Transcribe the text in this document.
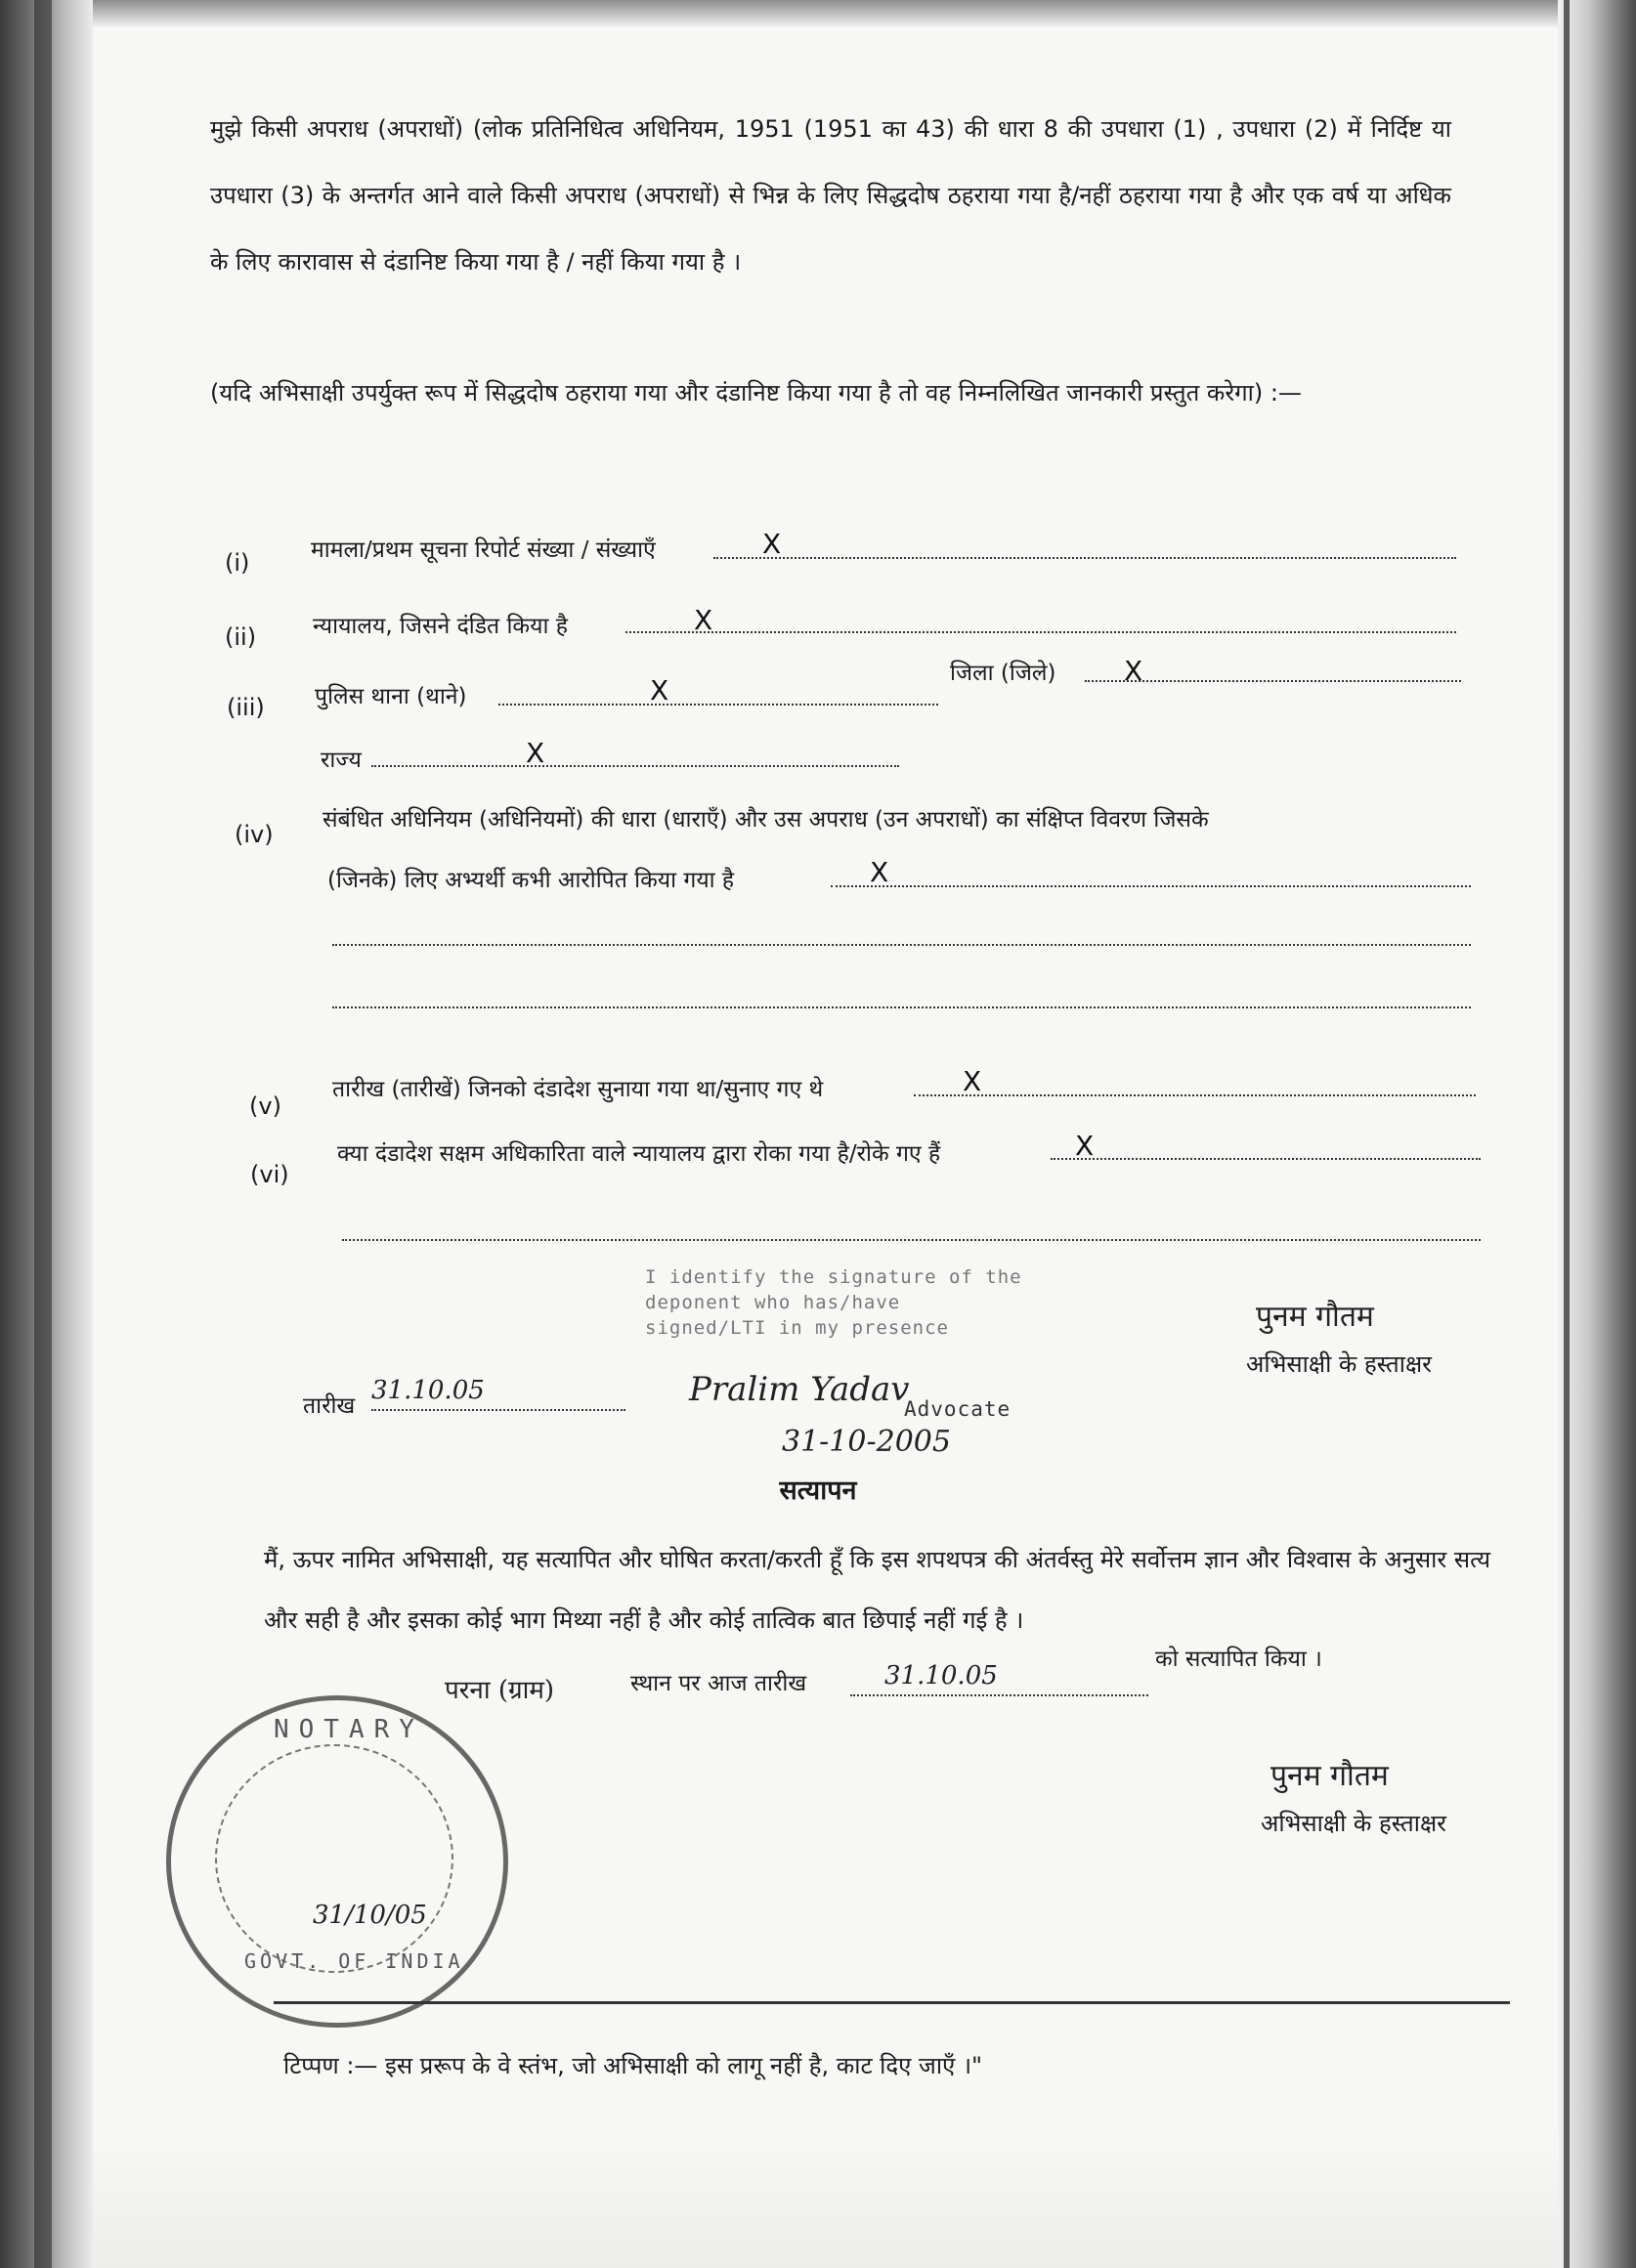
मुझे किसी अपराध (अपराधों) (लोक प्रतिनिधित्व अधिनियम, 1951 (1951 का 43) की धारा 8 की उपधारा (1) , उपधारा (2) में निर्दिष्ट या उपधारा (3) के अन्तर्गत आने वाले किसी अपराध (अपराधों) से भिन्न के लिए सिद्धदोष ठहराया गया है/नहीं ठहराया गया है और एक वर्ष या अधिक के लिए कारावास से दंडानिष्ट किया गया है / नहीं किया गया है ।
(यदि अभिसाक्षी उपर्युक्त रूप में सिद्धदोष ठहराया गया और दंडानिष्ट किया गया है तो वह निम्नलिखित जानकारी प्रस्तुत करेगा) :—
(i)	मामला/प्रथम सूचना रिपोर्ट संख्या / संख्याएँ	X
(ii)	न्यायालय, जिसने दंडित किया है	X
(iii) पुलिस थाना (थाने)	X
जिला (जिले) X
राज्य	X
(iv)
संबंधित अधिनियम (अधिनियमों) की धारा (धाराएँ) और उस अपराध (उन अपराधों) का संक्षिप्त विवरण जिसके
(जिनके) लिए अभ्यर्थी कभी आरोपित किया गया है	X
(v)
तारीख (तारीखें) जिनको दंडादेश सुनाया गया था/सुनाए गए थे	X
(vi)
क्या दंडादेश सक्षम अधिकारिता वाले न्यायालय द्वारा रोका गया है/रोके गए हैं	X
I identify the signature of the
deponent who has/have
signed/LTI in my presence
तारीख
31.10.05	Pralim Yadav
Advocate
31-10-2005
पुनम गौतम
अभिसाक्षी के हस्ताक्षर
सत्यापन
मैं, ऊपर नामित अभिसाक्षी, यह सत्यापित और घोषित करता/करती हूँ कि इस शपथपत्र की अंतर्वस्तु मेरे सर्वोत्तम ज्ञान और विश्वास के अनुसार सत्य और सही है और इसका कोई भाग मिथ्या नहीं है और कोई तात्विक बात छिपाई नहीं गई है ।
परना (ग्राम)	स्थान पर आज तारीख	31.10.05
को सत्यापित किया ।
NOTARY
GOVT. OF INDIA
31/10/05
पुनम गौतम
अभिसाक्षी के हस्ताक्षर
टिप्पण :— इस प्ररूप के वे स्तंभ, जो अभिसाक्षी को लागू नहीं है, काट दिए जाएँ ।"
